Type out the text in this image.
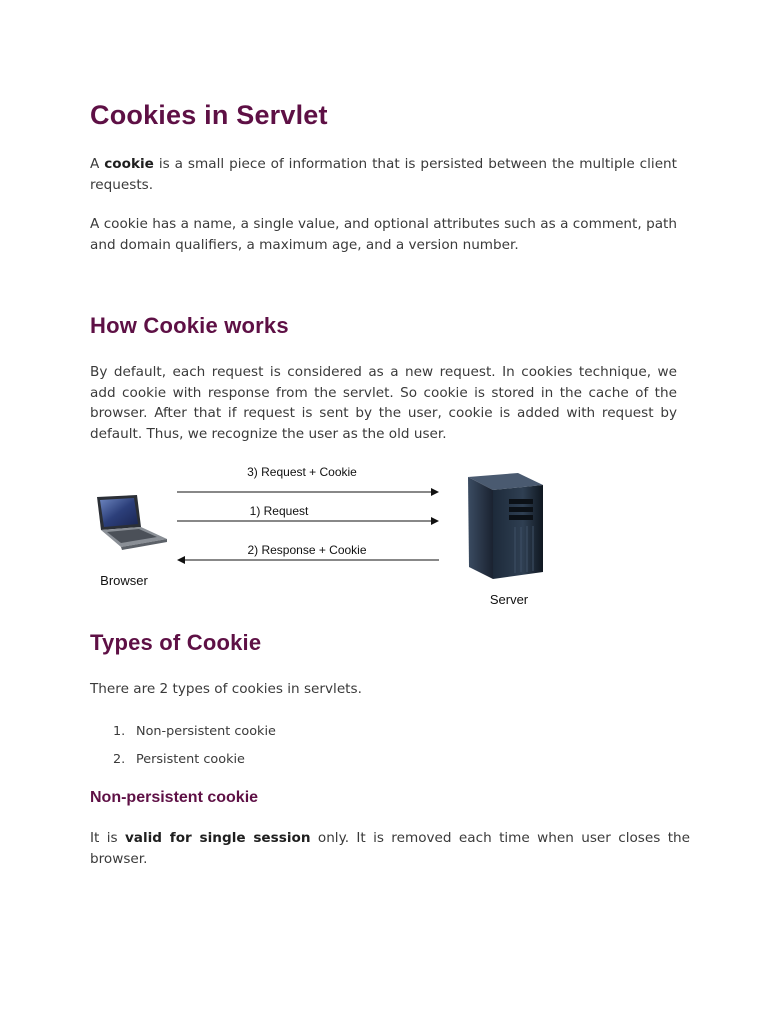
Cookies in Servlet

A cookie is a small piece of information that is persisted between the multiple client requests.

A cookie has a name, a single value, and optional attributes such as a comment, path and domain qualifiers, a maximum age, and a version number.

How Cookie works

By default, each request is considered as a new request. In cookies technique, we add cookie with response from the servlet. So cookie is stored in the cache of the browser. After that if request is sent by the user, cookie is added with request by default. Thus, we recognize the user as the old user.

3) Request + Cookie
1) Request
2) Response + Cookie
Browser
Server
Types of Cookie

There are 2 types of cookies in servlets.

1. Non-persistent cookie
2. Persistent cookie
Non-persistent cookie

It is valid for single session only. It is removed each time when user closes the browser.
